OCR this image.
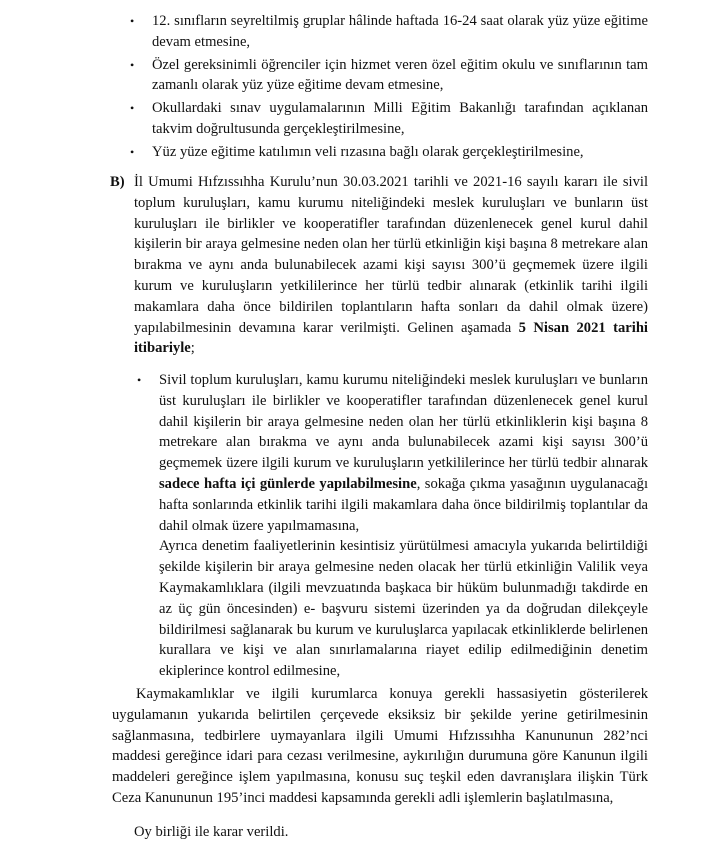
• 12. sınıfların seyreltilmiş gruplar hâlinde haftada 16-24 saat olarak yüz yüze eğitime devam etmesine,

• Özel gereksinimli öğrenciler için hizmet veren özel eğitim okulu ve sınıflarının tam zamanlı olarak yüz yüze eğitime devam etmesine,

• Okullardaki sınav uygulamalarının Milli Eğitim Bakanlığı tarafından açıklanan takvim doğrultusunda gerçekleştirilmesine,

• Yüz yüze eğitime katılımın veli rızasına bağlı olarak gerçekleştirilmesine,

B) İl Umumi Hıfzıssıhha Kurulu’nun 30.03.2021 tarihli ve 2021-16 sayılı kararı ile sivil toplum kuruluşları, kamu kurumu niteliğindeki meslek kuruluşları ve bunların üst kuruluşları ile birlikler ve kooperatifler tarafından düzenlenecek genel kurul dahil kişilerin bir araya gelmesine neden olan her türlü etkinliğin kişi başına 8 metrekare alan bırakma ve aynı anda bulunabilecek azami kişi sayısı 300’ü geçmemek üzere ilgili kurum ve kuruluşların yetkililerince her türlü tedbir alınarak (etkinlik tarihi ilgili makamlara daha önce bildirilen toplantıların hafta sonları da dahil olmak üzere) yapılabilmesinin devamına karar verilmişti. Gelinen aşamada 5 Nisan 2021 tarihi itibariyle;

• Sivil toplum kuruluşları, kamu kurumu niteliğindeki meslek kuruluşları ve bunların üst kuruluşları ile birlikler ve kooperatifler tarafından düzenlenecek genel kurul dahil kişilerin bir araya gelmesine neden olan her türlü etkinliklerin kişi başına 8 metrekare alan bırakma ve aynı anda bulunabilecek azami kişi sayısı 300’ü geçmemek üzere ilgili kurum ve kuruluşların yetkililerince her türlü tedbir alınarak sadece hafta içi günlerde yapılabilmesine, sokağa çıkma yasağının uygulanacağı hafta sonlarında etkinlik tarihi ilgili makamlara daha önce bildirilmiş toplantılar da dahil olmak üzere yapılmamasına,

Ayrıca denetim faaliyetlerinin kesintisiz yürütülmesi amacıyla yukarıda belirtildiği şekilde kişilerin bir araya gelmesine neden olacak her türlü etkinliğin Valilik veya Kaymakamlıklara (ilgili mevzuatında başkaca bir hüküm bulunmadığı takdirde en az üç gün öncesinden) e- başvuru sistemi üzerinden ya da doğrudan dilekçeyle bildirilmesi sağlanarak bu kurum ve kuruluşlarca yapılacak etkinliklerde belirlenen kurallara ve kişi ve alan sınırlamalarına riayet edilip edilmediğinin denetim ekiplerince kontrol edilmesine,

Kaymakamlıklar ve ilgili kurumlarca konuya gerekli hassasiyetin gösterilerek uygulamanın yukarıda belirtilen çerçevede eksiksiz bir şekilde yerine getirilmesinin sağlanmasına, tedbirlere uymayanlara ilgili Umumi Hıfzıssıhha Kanununun 282’nci maddesi gereğince idari para cezası verilmesine, aykırılığın durumuna göre Kanunun ilgili maddeleri gereğince işlem yapılmasına, konusu suç teşkil eden davranışlara ilişkin Türk Ceza Kanununun 195’inci maddesi kapsamında gerekli adli işlemlerin başlatılmasına,

Oy birliği ile karar verildi.
